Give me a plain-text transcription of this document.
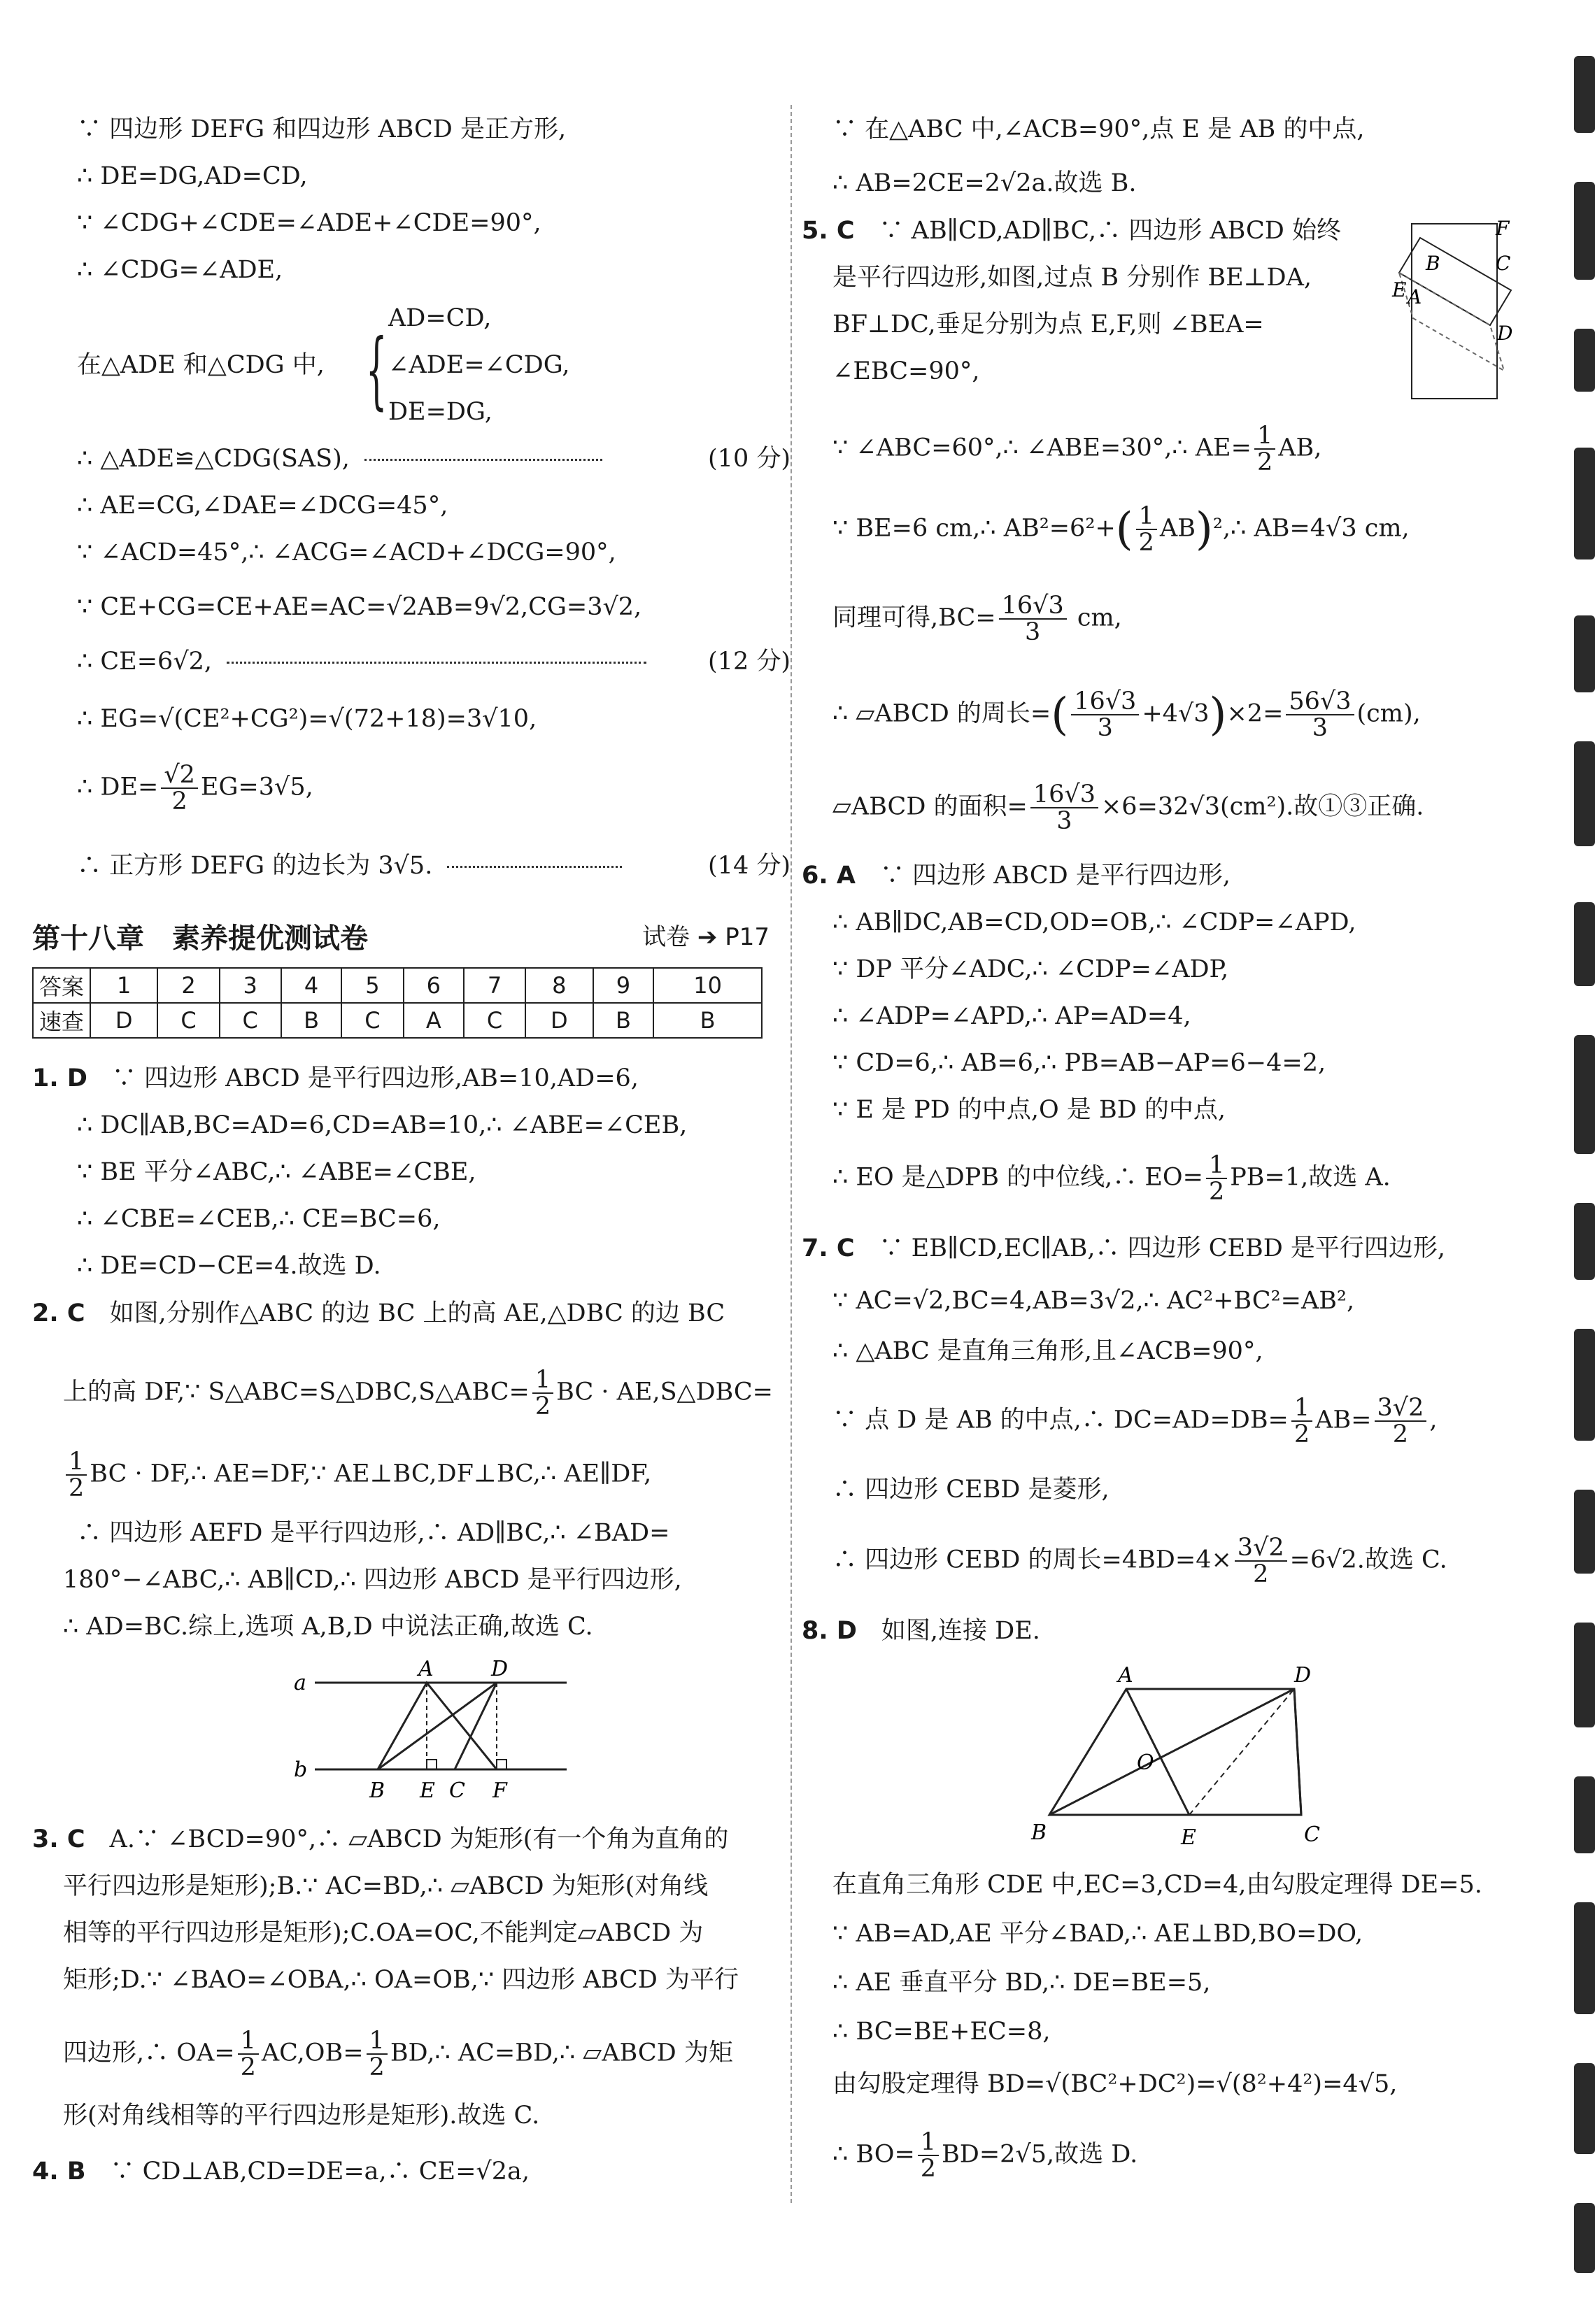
∵ 四边形 DEFG 和四边形 ABCD 是正方形,
∴ DE=DG,AD=CD,
∵ ∠CDG+∠CDE=∠ADE+∠CDE=90°,
∴ ∠CDG=∠ADE,
在△ADE 和△CDG 中, {
AD=CD,
∠ADE=∠CDG,
DE=DG,
∴ △ADE≌△CDG(SAS),	(10 分)
∴ AE=CG,∠DAE=∠DCG=45°,
∵ ∠ACD=45°,∴ ∠ACG=∠ACD+∠DCG=90°,
∵ CE+CG=CE+AE=AC=√2AB=9√2,CG=3√2,
∴ CE=6√2,	(12 分)
∴ EG=√(CE²+CG²)=√(72+18)=3√10,
∴ $DE= \frac{√2}{2} EG=3√5$,
∴ 正方形 DEFG 的边长为 3√5.	(14 分)
第十八章　素养提优测试卷	试卷 ➔ P17
答案	1	2	3	4	5	6	7	8	9	10
速查	D	C	C	B	C	A	C	D	B	B
1. D　 ∵ 四边形 ABCD 是平行四边形,AB=10,AD=6,
∴ DC∥AB,BC=AD=6,CD=AB=10,∴ ∠ABE=∠CEB,
∵ BE 平分∠ABC,∴ ∠ABE=∠CBE,
∴ ∠CBE=∠CEB,∴ CE=BC=6,
∴ DE=CD−CE=4.故选 D.
2. C　 如图,分别作△ABC 的边 BC 上的高 AE,△DBC 的边 BC
上的高 DF,∵ S△ABC=S△DBC,S△ABC= $\frac{1}{2}$ BC · AE,S△DBC=
$\frac{1}{2}$ BC · DF,∴ AE=DF,∵ AE⊥BC,DF⊥BC,∴ AE∥DF,
∴ 四边形 AEFD 是平行四边形,∴ AD∥BC,∴ ∠BAD=
180°−∠ABC,∴ AB∥CD,∴ 四边形 ABCD 是平行四边形,
∴ AD=BC.综上,选项 A,B,D 中说法正确,故选 C.
a
b
A	D
B E C F
3. C　 A.∵ ∠BCD=90°,∴ ▱ABCD 为矩形(有一个角为直角的
平行四边形是矩形);B.∵ AC=BD,∴ ▱ABCD 为矩形(对角线
相等的平行四边形是矩形);C.OA=OC,不能判定▱ABCD 为
矩形;D.∵ ∠BAO=∠OBA,∴ OA=OB,∵ 四边形 ABCD 为平行
四边形,∴ $OA= \frac{1}{2} AC,OB= \frac{1}{2}$ BD,∴ AC=BD,∴ ▱ABCD 为矩
形(对角线相等的平行四边形是矩形).故选 C.
4. B　 ∵ CD⊥AB,CD=DE=a,∴ CE=√2a,
∵ 在△ABC 中,∠ACB=90°,点 E 是 AB 的中点,
∴ AB=2CE=2√2a.故选 B.
5. C　 ∵ AB∥CD,AD∥BC,∴ 四边形 ABCD 始终
是平行四边形,如图,过点 B 分别作 BE⊥DA,
BF⊥DC,垂足分别为点 E,F,则 ∠BEA=
∠EBC=90°,
F
B	C
E A
D
∵ ∠ABC=60°,∴ ∠ABE=30°,∴ $AE= \frac{1}{2}$ AB,
∵ BE=6 cm,∴ $AB^2=6^2+( \frac{1}{2}$ AB)²,∴ AB=4√3 cm,
同理可得$,BC= \frac{16√3}{3}$ cm,
∴ ▱ABCD 的周长=( $\frac{16√3}{3} +4√3)\times 2= \frac{56√3}{3} (cm)$,
▱ABCD 的面积= $\frac{16√3}{3} \times 6=32√3(cm^2)$.故①③正确.
6. A　 ∵ 四边形 ABCD 是平行四边形,
∴ AB∥DC,AB=CD,OD=OB,∴ ∠CDP=∠APD,
∵ DP 平分∠ADC,∴ ∠CDP=∠ADP,
∴ ∠ADP=∠APD,∴ AP=AD=4,
∵ CD=6,∴ AB=6,∴ PB=AB−AP=6−4=2,
∵ E 是 PD 的中点,O 是 BD 的中点,
∴ EO 是△DPB 的中位线,∴ $EO= \frac{1}{2} PB=1$,故选 A.
7. C　 ∵ EB∥CD,EC∥AB,∴ 四边形 CEBD 是平行四边形,
∵ AC=√2,BC=4,AB=3√2,∴ AC²+BC²=AB²,
∴ △ABC 是直角三角形,且∠ACB=90°,
∵ 点 D 是 AB 的中点,∴ $DC=AD=DB= \frac{1}{2} AB= \frac{3√2}{2}$ ,
∴ 四边形 CEBD 是菱形,
∴ 四边形 CEBD 的周长$=4BD=4\times \frac{3√2}{2} =6√2$.故选 C.
8. D　 如图,连接 DE.
A	D
O
B	E	C
在直角三角形 CDE 中,EC=3,CD=4,由勾股定理得 DE=5.
∵ AB=AD,AE 平分∠BAD,∴ AE⊥BD,BO=DO,
∴ AE 垂直平分 BD,∴ DE=BE=5,
∴ BC=BE+EC=8,
由勾股定理得 BD=√(BC²+DC²)=√(8²+4²)=4√5,
∴ $BO= \frac{1}{2} BD=2√5$,故选 D.
